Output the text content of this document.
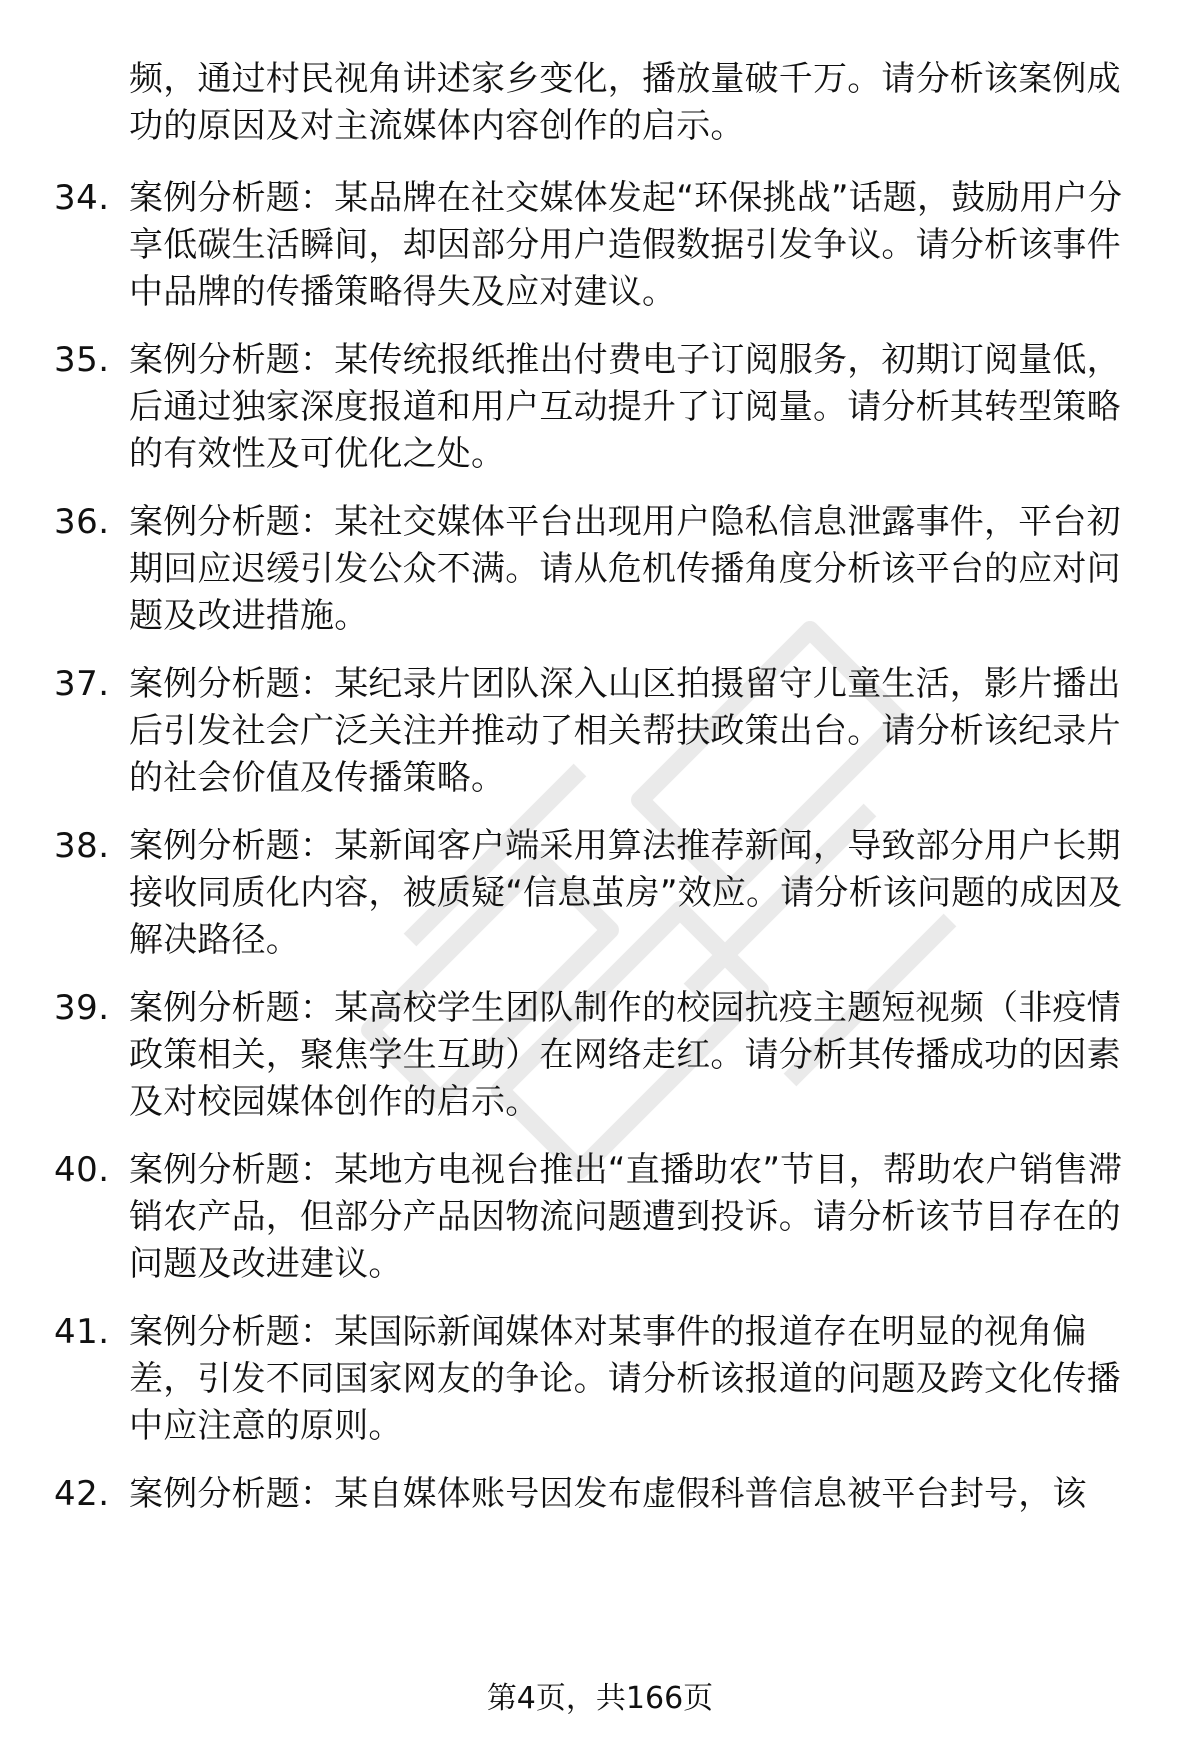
频，通过村民视角讲述家乡变化，播放量破千万。请分析该案例成功的原因及对主流媒体内容创作的启示。
34. 案例分析题：某品牌在社交媒体发起“环保挑战”话题，鼓励用户分享低碳生活瞬间，却因部分用户造假数据引发争议。请分析该事件中品牌的传播策略得失及应对建议。
35. 案例分析题：某传统报纸推出付费电子订阅服务，初期订阅量低，后通过独家深度报道和用户互动提升了订阅量。请分析其转型策略的有效性及可优化之处。
36. 案例分析题：某社交媒体平台出现用户隐私信息泄露事件，平台初期回应迟缓引发公众不满。请从危机传播角度分析该平台的应对问题及改进措施。
37. 案例分析题：某纪录片团队深入山区拍摄留守儿童生活，影片播出后引发社会广泛关注并推动了相关帮扶政策出台。请分析该纪录片的社会价值及传播策略。
38. 案例分析题：某新闻客户端采用算法推荐新闻，导致部分用户长期接收同质化内容，被质疑“信息茧房”效应。请分析该问题的成因及解决路径。
39. 案例分析题：某高校学生团队制作的校园抗疫主题短视频（非疫情政策相关，聚焦学生互助）在网络走红。请分析其传播成功的因素及对校园媒体创作的启示。
40. 案例分析题：某地方电视台推出“直播助农”节目，帮助农户销售滞销农产品，但部分产品因物流问题遭到投诉。请分析该节目存在的问题及改进建议。
41. 案例分析题：某国际新闻媒体对某事件的报道存在明显的视角偏差，引发不同国家网友的争论。请分析该报道的问题及跨文化传播中应注意的原则。
42. 案例分析题：某自媒体账号因发布虚假科普信息被平台封号，该
第4页，共166页
